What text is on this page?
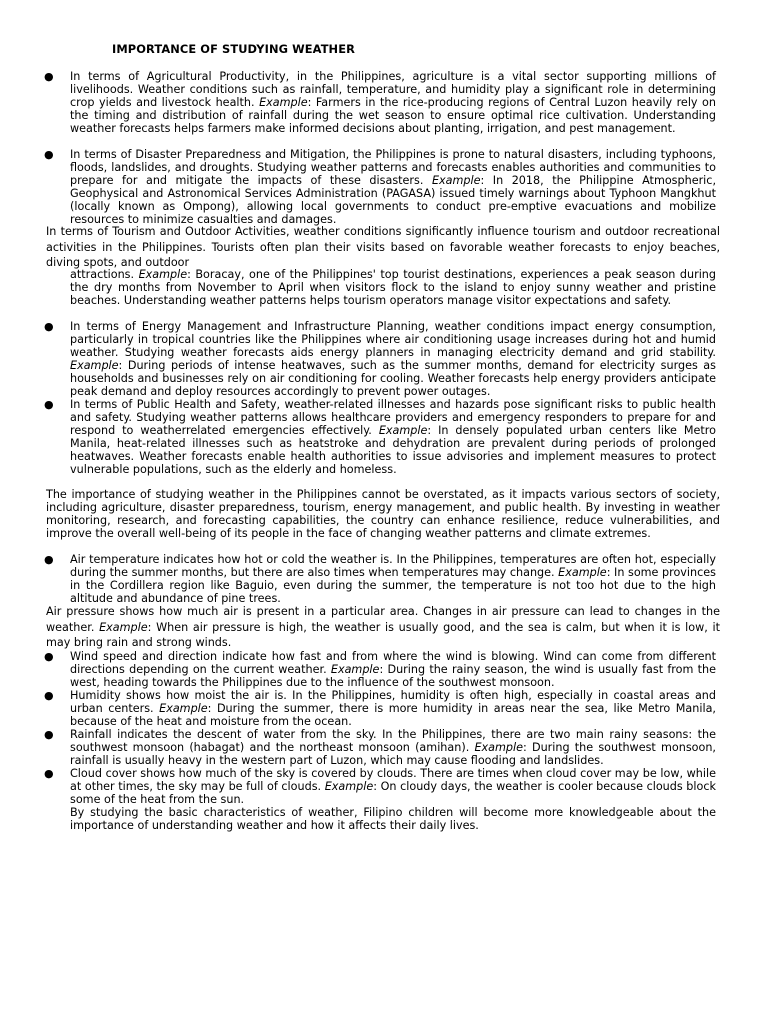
IMPORTANCE OF STUDYING WEATHER
●	In terms of Agricultural Productivity, in the Philippines, agriculture is a vital sector supporting millions of livelihoods. Weather conditions such as rainfall, temperature, and humidity play a significant role in determining crop yields and livestock health. Example: Farmers in the rice-producing regions of Central Luzon heavily rely on the timing and distribution of rainfall during the wet season to ensure optimal rice cultivation. Understanding weather forecasts helps farmers make informed decisions about planting, irrigation, and pest management.
●	In terms of Disaster Preparedness and Mitigation, the Philippines is prone to natural disasters, including typhoons, floods, landslides, and droughts. Studying weather patterns and forecasts enables authorities and communities to prepare for and mitigate the impacts of these disasters. Example: In 2018, the Philippine Atmospheric, Geophysical and Astronomical Services Administration (PAGASA) issued timely warnings about Typhoon Mangkhut (locally known as Ompong), allowing local governments to conduct pre-emptive evacuations and mobilize resources to minimize casualties and damages.
In terms of Tourism and Outdoor Activities, weather conditions significantly influence tourism and outdoor recreational activities in the Philippines. Tourists often plan their visits based on favorable weather forecasts to enjoy beaches, diving spots, and outdoor
attractions. Example: Boracay, one of the Philippines' top tourist destinations, experiences a peak season during the dry months from November to April when visitors flock to the island to enjoy sunny weather and pristine beaches. Understanding weather patterns helps tourism operators manage visitor expectations and safety.
●	In terms of Energy Management and Infrastructure Planning, weather conditions impact energy consumption, particularly in tropical countries like the Philippines where air conditioning usage increases during hot and humid weather. Studying weather forecasts aids energy planners in managing electricity demand and grid stability. Example: During periods of intense heatwaves, such as the summer months, demand for electricity surges as households and businesses rely on air conditioning for cooling. Weather forecasts help energy providers anticipate peak demand and deploy resources accordingly to prevent power outages.
●	In terms of Public Health and Safety, weather-related illnesses and hazards pose significant risks to public health and safety. Studying weather patterns allows healthcare providers and emergency responders to prepare for and respond to weatherrelated emergencies effectively. Example: In densely populated urban centers like Metro Manila, heat-related illnesses such as heatstroke and dehydration are prevalent during periods of prolonged heatwaves. Weather forecasts enable health authorities to issue advisories and implement measures to protect vulnerable populations, such as the elderly and homeless.
The importance of studying weather in the Philippines cannot be overstated, as it impacts various sectors of society, including agriculture, disaster preparedness, tourism, energy management, and public health. By investing in weather monitoring, research, and forecasting capabilities, the country can enhance resilience, reduce vulnerabilities, and improve the overall well-being of its people in the face of changing weather patterns and climate extremes.
●	Air temperature indicates how hot or cold the weather is. In the Philippines, temperatures are often hot, especially during the summer months, but there are also times when temperatures may change. Example: In some provinces in the Cordillera region like Baguio, even during the summer, the temperature is not too hot due to the high altitude and abundance of pine trees.
Air pressure shows how much air is present in a particular area. Changes in air pressure can lead to changes in the weather. Example: When air pressure is high, the weather is usually good, and the sea is calm, but when it is low, it may bring rain and strong winds.
●	Wind speed and direction indicate how fast and from where the wind is blowing. Wind can come from different directions depending on the current weather. Example: During the rainy season, the wind is usually fast from the west, heading towards the Philippines due to the influence of the southwest monsoon.
●	Humidity shows how moist the air is. In the Philippines, humidity is often high, especially in coastal areas and urban centers. Example: During the summer, there is more humidity in areas near the sea, like Metro Manila, because of the heat and moisture from the ocean.
●	Rainfall indicates the descent of water from the sky. In the Philippines, there are two main rainy seasons: the southwest monsoon (habagat) and the northeast monsoon (amihan). Example: During the southwest monsoon, rainfall is usually heavy in the western part of Luzon, which may cause flooding and landslides.
●	Cloud cover shows how much of the sky is covered by clouds. There are times when cloud cover may be low, while at other times, the sky may be full of clouds. Example: On cloudy days, the weather is cooler because clouds block some of the heat from the sun.
By studying the basic characteristics of weather, Filipino children will become more knowledgeable about the importance of understanding weather and how it affects their daily lives.
